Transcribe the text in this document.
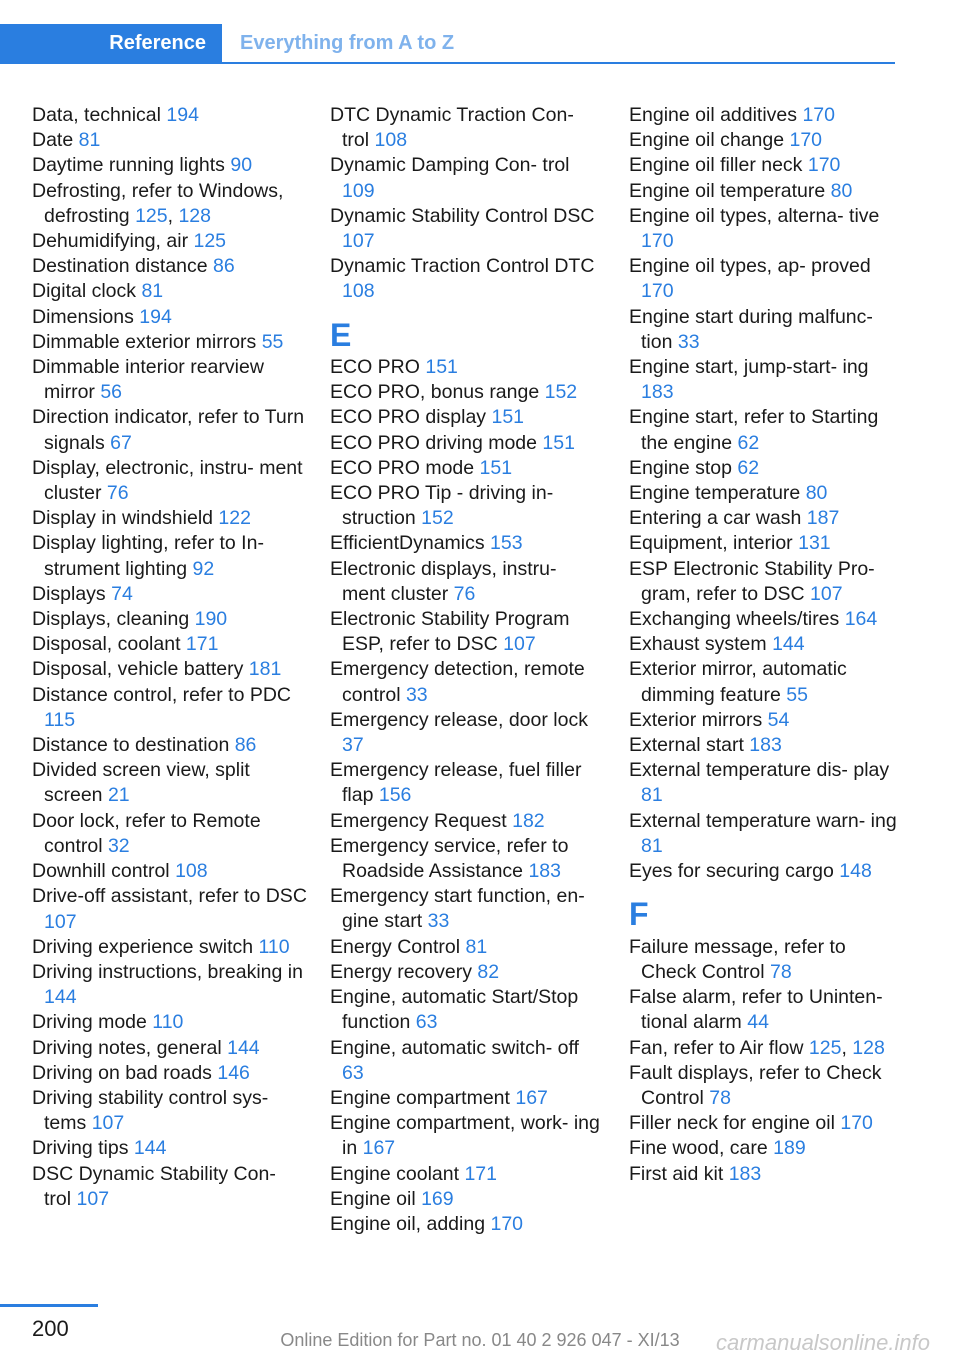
Reference	Everything from A to Z
Data, technical 194
Date 81
Daytime running lights 90
Defrosting, refer to Windows, defrosting 125, 128
Dehumidifying, air 125
Destination distance 86
Digital clock 81
Dimensions 194
Dimmable exterior mirrors 55
Dimmable interior rearview mirror 56
Direction indicator, refer to Turn signals 67
Display, electronic, instru- ment cluster 76
Display in windshield 122
Display lighting, refer to In- strument lighting 92
Displays 74
Displays, cleaning 190
Disposal, coolant 171
Disposal, vehicle battery 181
Distance control, refer to PDC 115
Distance to destination 86
Divided screen view, split screen 21
Door lock, refer to Remote control 32
Downhill control 108
Drive-off assistant, refer to DSC 107
Driving experience switch 110
Driving instructions, breaking in 144
Driving mode 110
Driving notes, general 144
Driving on bad roads 146
Driving stability control sys- tems 107
Driving tips 144
DSC Dynamic Stability Con- trol 107
DTC Dynamic Traction Con- trol 108
Dynamic Damping Con- trol 109
Dynamic Stability Control DSC 107
Dynamic Traction Control DTC 108
E
ECO PRO 151
ECO PRO, bonus range 152
ECO PRO display 151
ECO PRO driving mode 151
ECO PRO mode 151
ECO PRO Tip - driving in- struction 152
EfficientDynamics 153
Electronic displays, instru- ment cluster 76
Electronic Stability Program ESP, refer to DSC 107
Emergency detection, remote control 33
Emergency release, door lock 37
Emergency release, fuel filler flap 156
Emergency Request 182
Emergency service, refer to Roadside Assistance 183
Emergency start function, en- gine start 33
Energy Control 81
Energy recovery 82
Engine, automatic Start/Stop function 63
Engine, automatic switch- off 63
Engine compartment 167
Engine compartment, work- ing in 167
Engine coolant 171
Engine oil 169
Engine oil, adding 170
Engine oil additives 170
Engine oil change 170
Engine oil filler neck 170
Engine oil temperature 80
Engine oil types, alterna- tive 170
Engine oil types, ap- proved 170
Engine start during malfunc- tion 33
Engine start, jump-start- ing 183
Engine start, refer to Starting the engine 62
Engine stop 62
Engine temperature 80
Entering a car wash 187
Equipment, interior 131
ESP Electronic Stability Pro- gram, refer to DSC 107
Exchanging wheels/tires 164
Exhaust system 144
Exterior mirror, automatic dimming feature 55
Exterior mirrors 54
External start 183
External temperature dis- play 81
External temperature warn- ing 81
Eyes for securing cargo 148
F
Failure message, refer to Check Control 78
False alarm, refer to Uninten- tional alarm 44
Fan, refer to Air flow 125, 128
Fault displays, refer to Check Control 78
Filler neck for engine oil 170
Fine wood, care 189
First aid kit 183
200	Online Edition for Part no. 01 40 2 926 047 - XI/13	carmanualsonline.info
